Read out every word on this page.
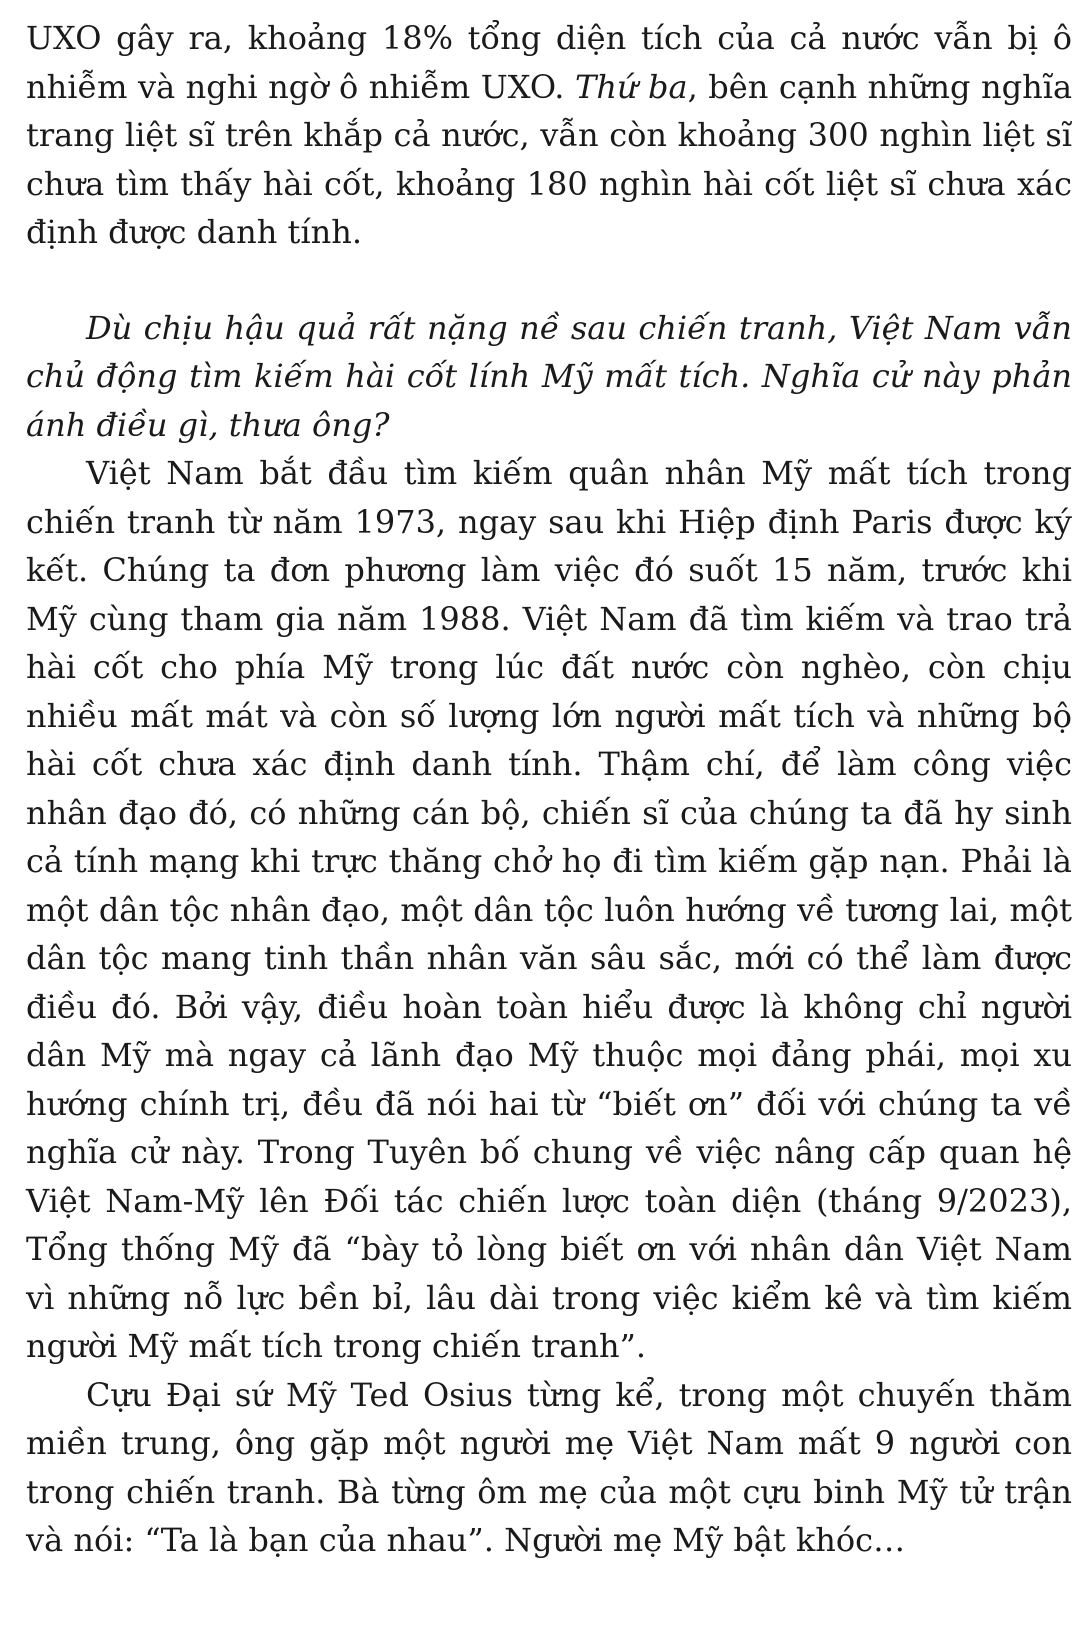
UXO gây ra, khoảng 18% tổng diện tích của cả nước vẫn bị ô nhiễm và nghi ngờ ô nhiễm UXO. Thứ ba, bên cạnh những nghĩa trang liệt sĩ trên khắp cả nước, vẫn còn khoảng 300 nghìn liệt sĩ chưa tìm thấy hài cốt, khoảng 180 nghìn hài cốt liệt sĩ chưa xác định được danh tính.

Dù chịu hậu quả rất nặng nề sau chiến tranh, Việt Nam vẫn chủ động tìm kiếm hài cốt lính Mỹ mất tích. Nghĩa cử này phản ánh điều gì, thưa ông?

Việt Nam bắt đầu tìm kiếm quân nhân Mỹ mất tích trong chiến tranh từ năm 1973, ngay sau khi Hiệp định Paris được ký kết. Chúng ta đơn phương làm việc đó suốt 15 năm, trước khi Mỹ cùng tham gia năm 1988. Việt Nam đã tìm kiếm và trao trả hài cốt cho phía Mỹ trong lúc đất nước còn nghèo, còn chịu nhiều mất mát và còn số lượng lớn người mất tích và những bộ hài cốt chưa xác định danh tính. Thậm chí, để làm công việc nhân đạo đó, có những cán bộ, chiến sĩ của chúng ta đã hy sinh cả tính mạng khi trực thăng chở họ đi tìm kiếm gặp nạn. Phải là một dân tộc nhân đạo, một dân tộc luôn hướng về tương lai, một dân tộc mang tinh thần nhân văn sâu sắc, mới có thể làm được điều đó. Bởi vậy, điều hoàn toàn hiểu được là không chỉ người dân Mỹ mà ngay cả lãnh đạo Mỹ thuộc mọi đảng phái, mọi xu hướng chính trị, đều đã nói hai từ “biết ơn” đối với chúng ta về nghĩa cử này. Trong Tuyên bố chung về việc nâng cấp quan hệ Việt Nam-Mỹ lên Đối tác chiến lược toàn diện (tháng 9/2023), Tổng thống Mỹ đã “bày tỏ lòng biết ơn với nhân dân Việt Nam vì những nỗ lực bền bỉ, lâu dài trong việc kiểm kê và tìm kiếm người Mỹ mất tích trong chiến tranh”.

Cựu Đại sứ Mỹ Ted Osius từng kể, trong một chuyến thăm miền trung, ông gặp một người mẹ Việt Nam mất 9 người con trong chiến tranh. Bà từng ôm mẹ của một cựu binh Mỹ tử trận và nói: “Ta là bạn của nhau”. Người mẹ Mỹ bật khóc…
